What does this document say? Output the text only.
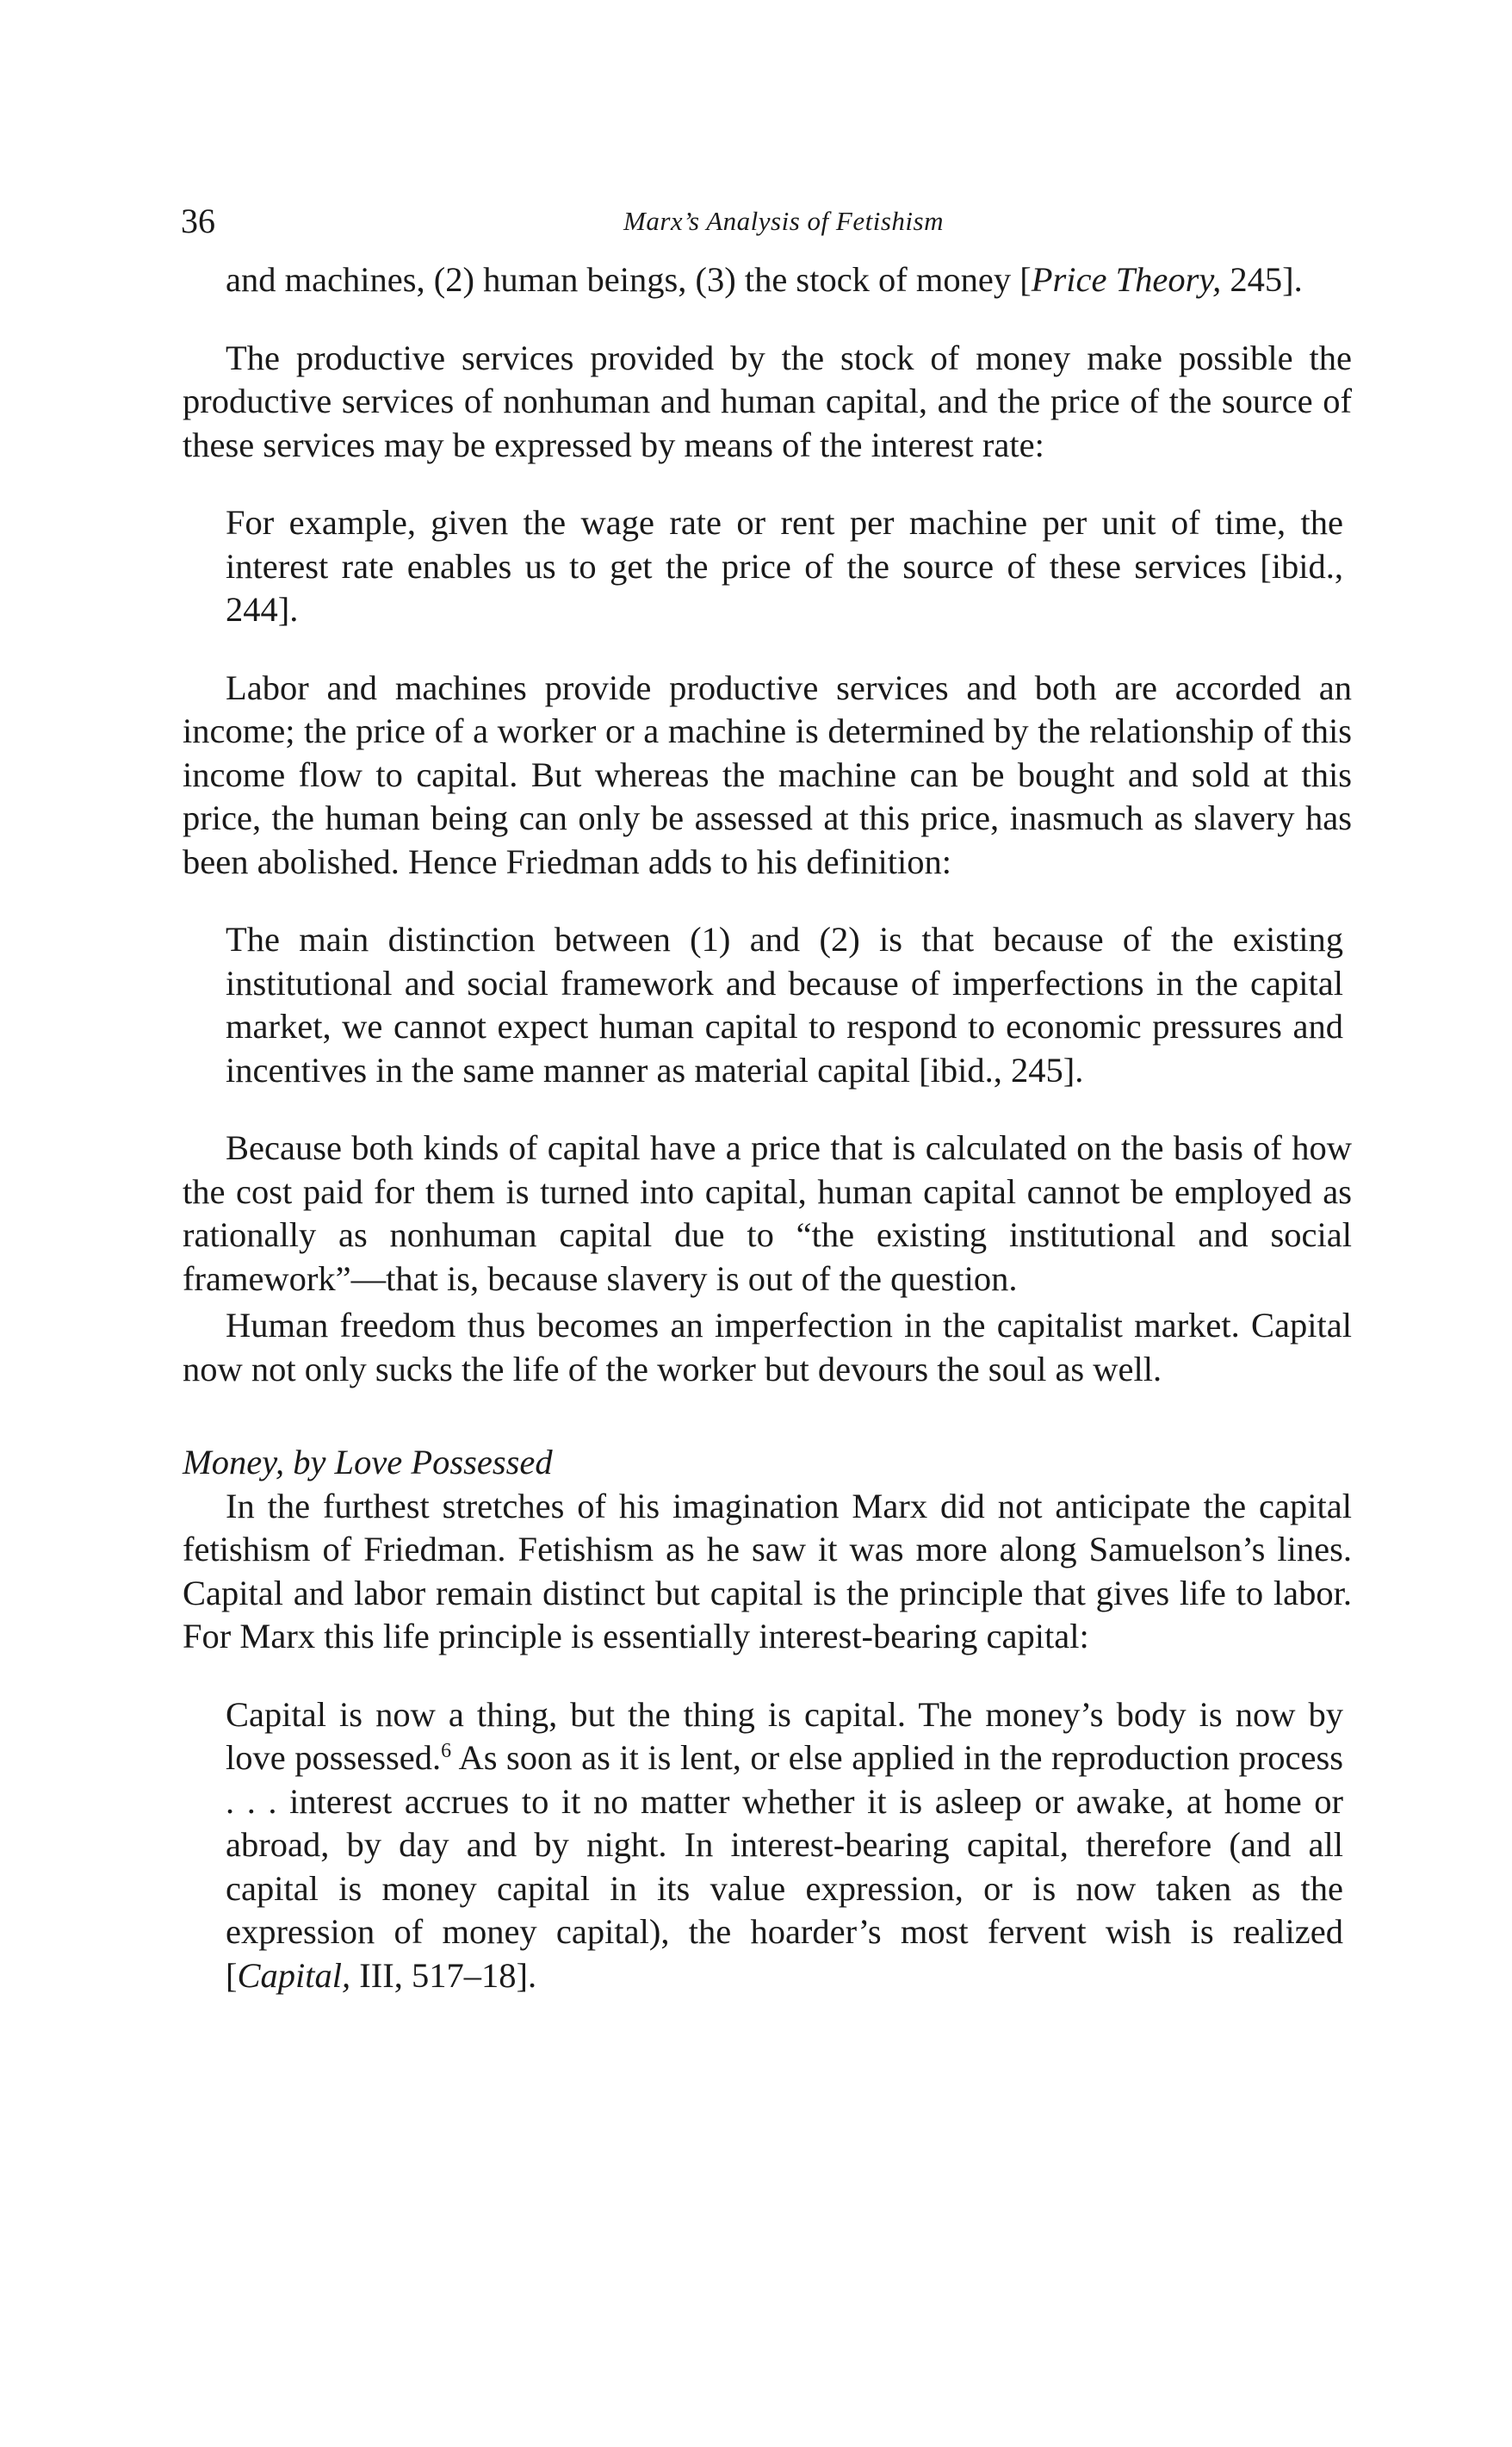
36	Marx’s Analysis of Fetishism

and machines, (2) human beings, (3) the stock of money [Price Theory, 245].

The productive services provided by the stock of money make possible the productive services of nonhuman and human capital, and the price of the source of these services may be expressed by means of the interest rate:

For example, given the wage rate or rent per machine per unit of time, the interest rate enables us to get the price of the source of these services [ibid., 244].

Labor and machines provide productive services and both are accorded an income; the price of a worker or a machine is determined by the relationship of this income flow to capital. But whereas the machine can be bought and sold at this price, the human being can only be assessed at this price, inasmuch as slavery has been abolished. Hence Friedman adds to his definition:

The main distinction between (1) and (2) is that because of the existing institutional and social framework and because of imperfections in the capital market, we cannot expect human capital to respond to economic pressures and incentives in the same manner as material capital [ibid., 245].

Because both kinds of capital have a price that is calculated on the basis of how the cost paid for them is turned into capital, human capital cannot be employed as rationally as nonhuman capital due to “the existing institutional and social framework”—that is, because slavery is out of the question.

Human freedom thus becomes an imperfection in the capitalist market. Capital now not only sucks the life of the worker but devours the soul as well.

Money, by Love Possessed

In the furthest stretches of his imagination Marx did not anticipate the capital fetishism of Friedman. Fetishism as he saw it was more along Samuelson’s lines. Capital and labor remain distinct but capital is the principle that gives life to labor. For Marx this life principle is essentially interest-bearing capital:

Capital is now a thing, but the thing is capital. The money’s body is now by love possessed.$^6$ As soon as it is lent, or else applied in the reproduction process . . . interest accrues to it no matter whether it is asleep or awake, at home or abroad, by day and by night. In interest-bearing capital, therefore (and all capital is money capital in its value expression, or is now taken as the expression of money capital), the hoarder’s most fervent wish is realized [Capital, III, 517–18].
